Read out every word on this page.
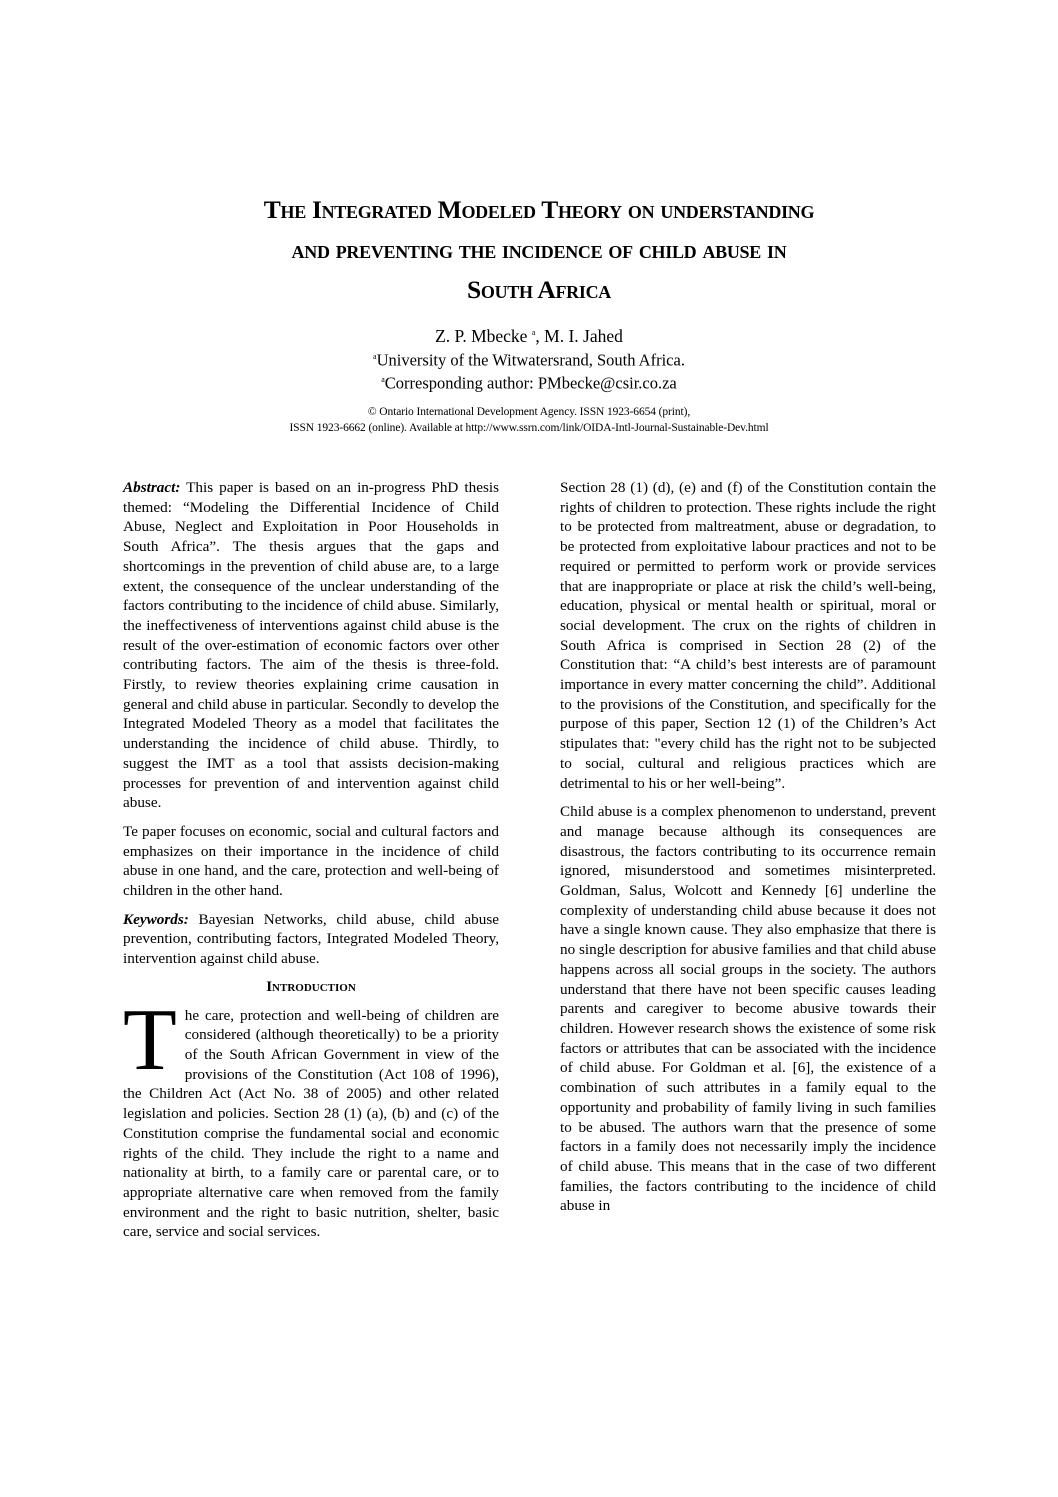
The Integrated Modeled Theory on understanding
and preventing the incidence of child abuse in
South Africa
Z. P. Mbecke $^a$, M. I. Jahed
$^a$University of the Witwatersrand, South Africa.
$^a$Corresponding author: PMbecke@csir.co.za
© Ontario International Development Agency. ISSN 1923-6654 (print),
ISSN 1923-6662 (online). Available at http://www.ssrn.com/link/OIDA-Intl-Journal-Sustainable-Dev.html

Abstract: This paper is based on an in-progress PhD thesis themed: “Modeling the Differential Incidence of Child Abuse, Neglect and Exploitation in Poor Households in South Africa”. The thesis argues that the gaps and shortcomings in the prevention of child abuse are, to a large extent, the consequence of the unclear understanding of the factors contributing to the incidence of child abuse. Similarly, the ineffectiveness of interventions against child abuse is the result of the over-estimation of economic factors over other contributing factors. The aim of the thesis is three-fold. Firstly, to review theories explaining crime causation in general and child abuse in particular. Secondly to develop the Integrated Modeled Theory as a model that facilitates the understanding the incidence of child abuse. Thirdly, to suggest the IMT as a tool that assists decision-making processes for prevention of and intervention against child abuse.

Te paper focuses on economic, social and cultural factors and emphasizes on their importance in the incidence of child abuse in one hand, and the care, protection and well-being of children in the other hand.

Keywords: Bayesian Networks, child abuse, child abuse prevention, contributing factors, Integrated Modeled Theory, intervention against child abuse.

Introduction

The care, protection and well-being of children are considered (although theoretically) to be a priority of the South African Government in view of the provisions of the Constitution (Act 108 of 1996), the Children Act (Act No. 38 of 2005) and other related legislation and policies. Section 28 (1) (a), (b) and (c) of the Constitution comprise the fundamental social and economic rights of the child. They include the right to a name and nationality at birth, to a family care or parental care, or to appropriate alternative care when removed from the family environment and the right to basic nutrition, shelter, basic care, service and social services.

Section 28 (1) (d), (e) and (f) of the Constitution contain the rights of children to protection. These rights include the right to be protected from maltreatment, abuse or degradation, to be protected from exploitative labour practices and not to be required or permitted to perform work or provide services that are inappropriate or place at risk the child’s well-being, education, physical or mental health or spiritual, moral or social development. The crux on the rights of children in South Africa is comprised in Section 28 (2) of the Constitution that: “A child’s best interests are of paramount importance in every matter concerning the child”. Additional to the provisions of the Constitution, and specifically for the purpose of this paper, Section 12 (1) of the Children’s Act stipulates that: "every child has the right not to be subjected to social, cultural and religious practices which are detrimental to his or her well-being”.

Child abuse is a complex phenomenon to understand, prevent and manage because although its consequences are disastrous, the factors contributing to its occurrence remain ignored, misunderstood and sometimes misinterpreted. Goldman, Salus, Wolcott and Kennedy [6] underline the complexity of understanding child abuse because it does not have a single known cause. They also emphasize that there is no single description for abusive families and that child abuse happens across all social groups in the society. The authors understand that there have not been specific causes leading parents and caregiver to become abusive towards their children. However research shows the existence of some risk factors or attributes that can be associated with the incidence of child abuse. For Goldman et al. [6], the existence of a combination of such attributes in a family equal to the opportunity and probability of family living in such families to be abused. The authors warn that the presence of some factors in a family does not necessarily imply the incidence of child abuse. This means that in the case of two different families, the factors contributing to the incidence of child abuse in
